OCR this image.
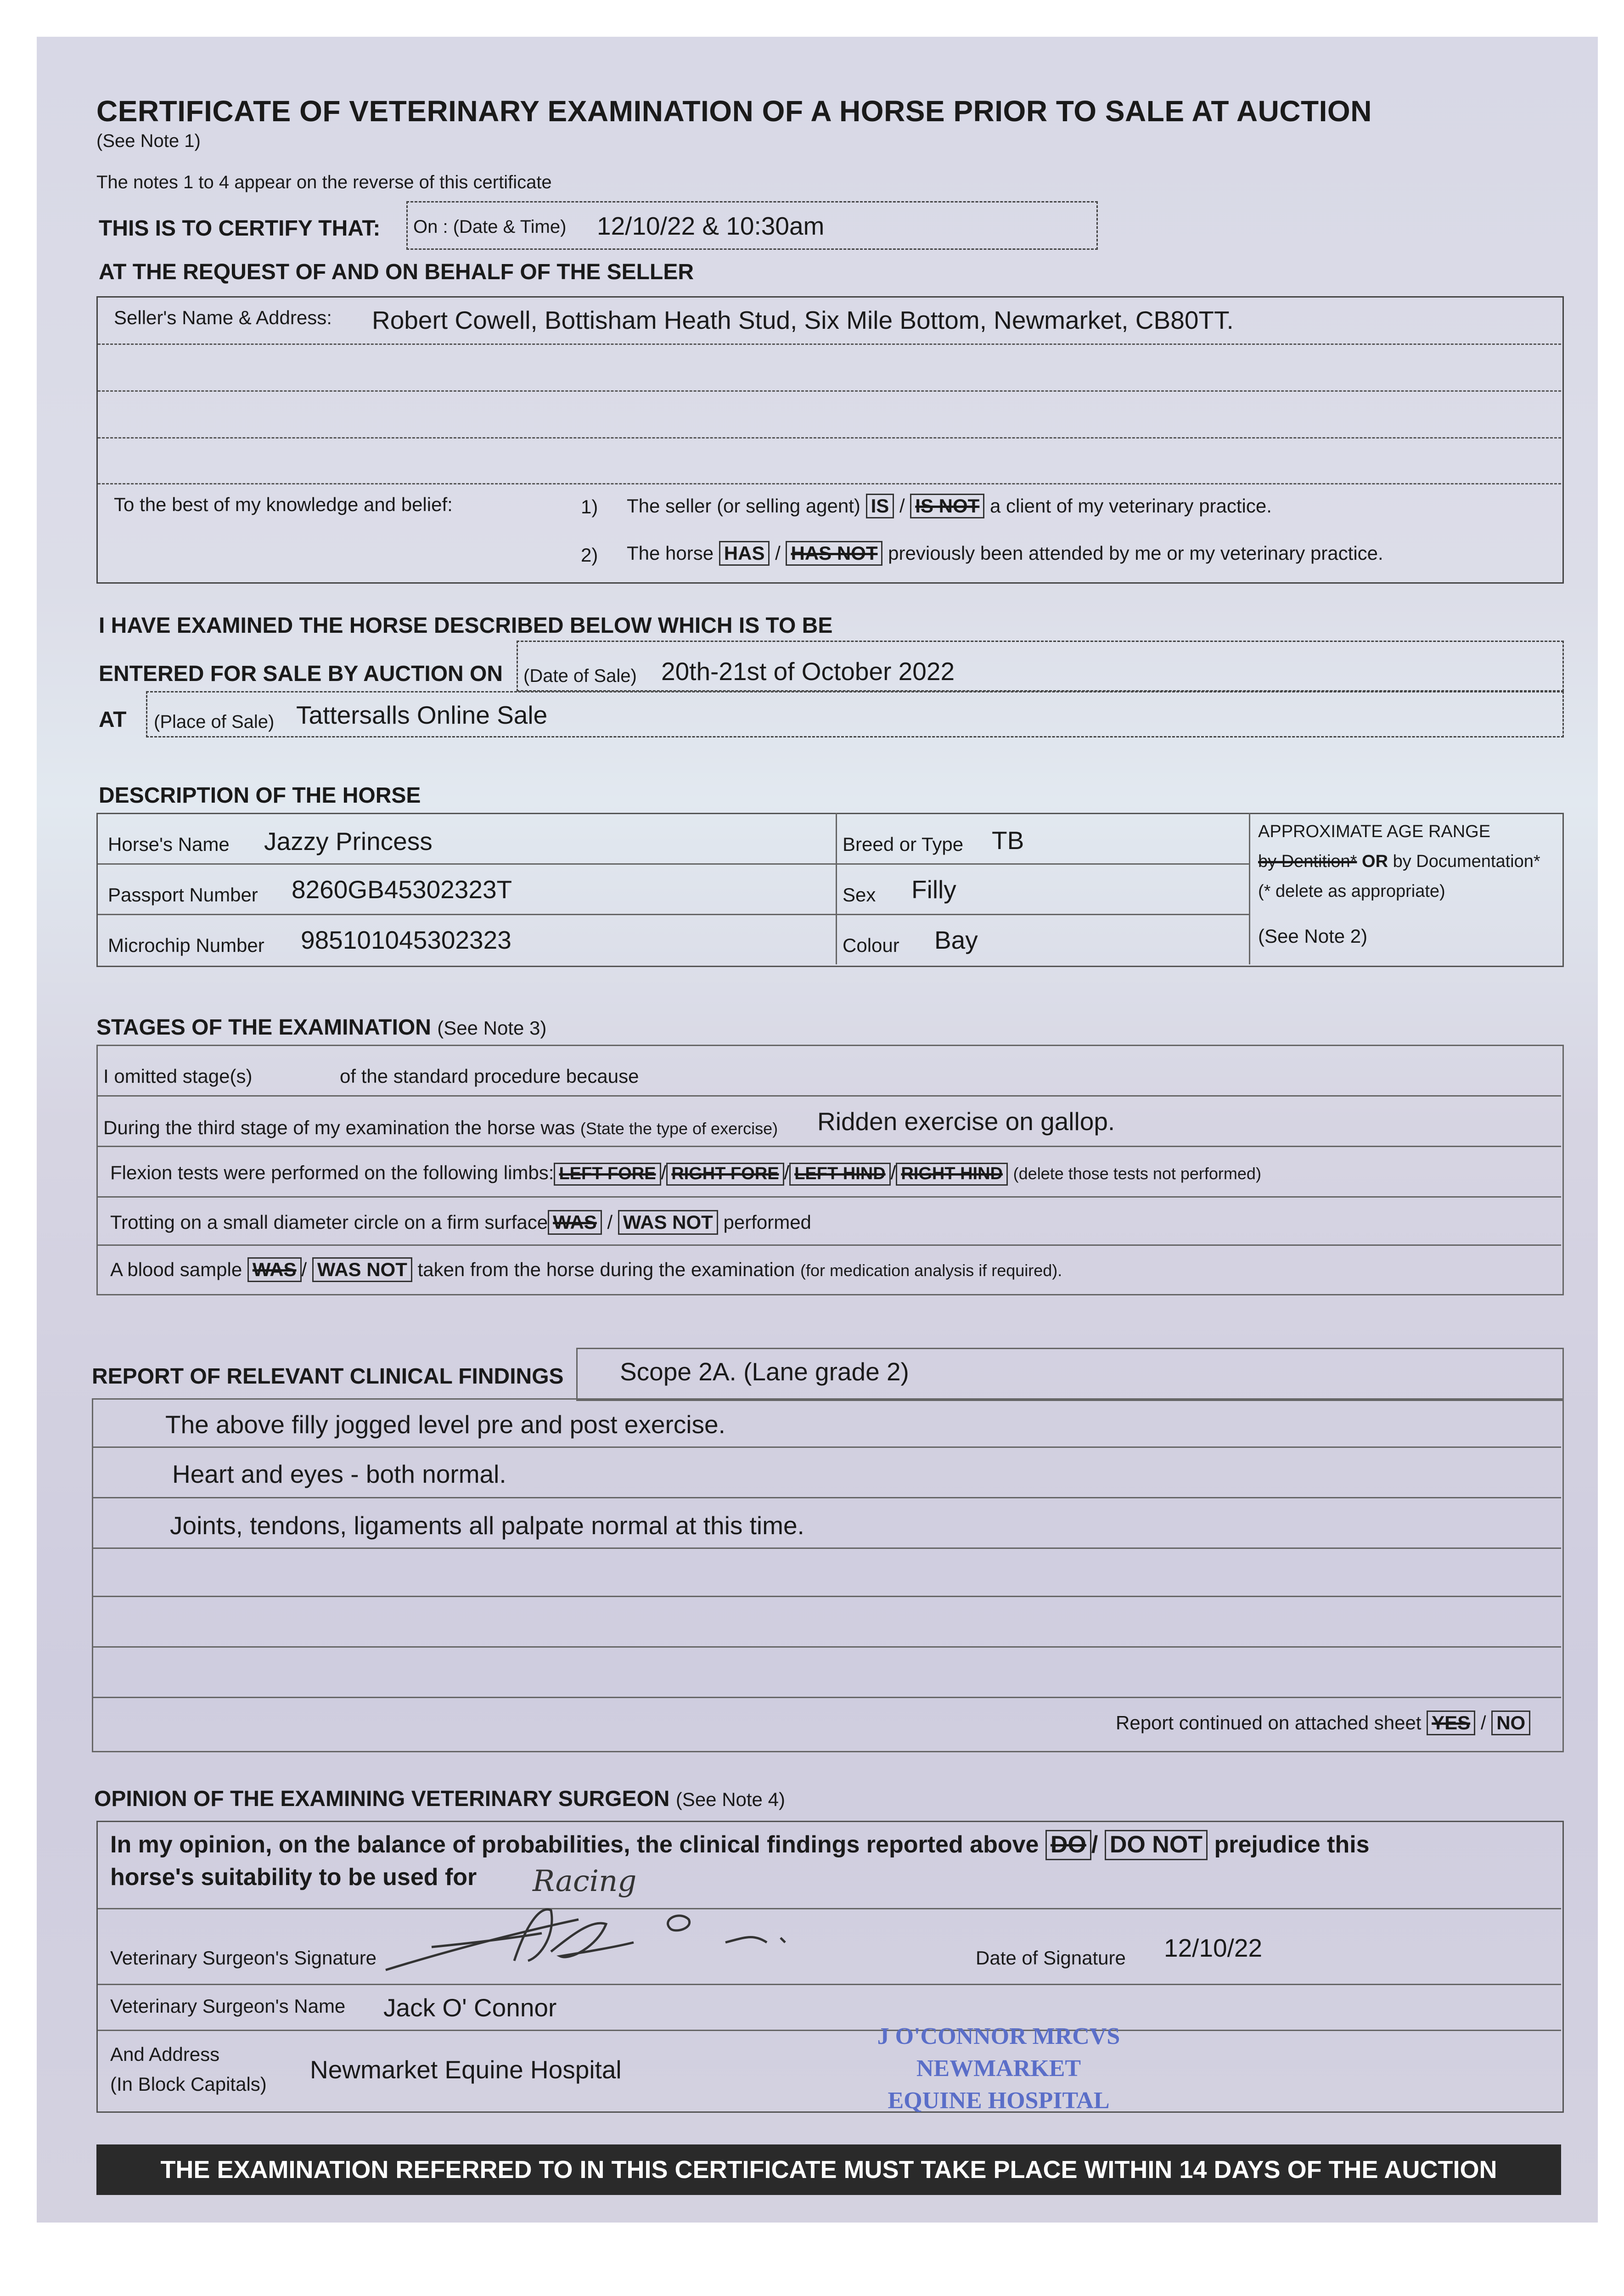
CERTIFICATE OF VETERINARY EXAMINATION OF A HORSE PRIOR TO SALE AT AUCTION
(See Note 1)
The notes 1 to 4 appear on the reverse of this certificate
THIS IS TO CERTIFY THAT: On : (Date & Time) 12/10/22 & 10:30am
AT THE REQUEST OF AND ON BEHALF OF THE SELLER
Seller's Name & Address: Robert Cowell, Bottisham Heath Stud, Six Mile Bottom, Newmarket, CB80TT.
To the best of my knowledge and belief:	1) The seller (or selling agent) IS / IS NOT a client of my veterinary practice.
2) The horse HAS / HAS NOT previously been attended by me or my veterinary practice.
I HAVE EXAMINED THE HORSE DESCRIBED BELOW WHICH IS TO BE
ENTERED FOR SALE BY AUCTION ON (Date of Sale) 20th-21st of October 2022
AT (Place of Sale) Tattersalls Online Sale
DESCRIPTION OF THE HORSE
Horse's Name Jazzy Princess
Passport Number 8260GB45302323T
Microchip Number 985101045302323
Breed or Type TB
Sex Filly
Colour Bay
APPROXIMATE AGE RANGE
by Dentition* OR by Documentation*
(* delete as appropriate)
(See Note 2)
STAGES OF THE EXAMINATION (See Note 3)
I omitted stage(s)	of the standard procedure because
During the third stage of my examination the horse was (State the type of exercise) Ridden exercise on gallop.
Flexion tests were performed on the following limbs: LEFT FORE / RIGHT FORE / LEFT HIND / RIGHT HIND (delete those tests not performed)
Trotting on a small diameter circle on a firm surface WAS / WAS NOT performed
A blood sample WAS / WAS NOT taken from the horse during the examination (for medication analysis if required).
REPORT OF RELEVANT CLINICAL FINDINGS Scope 2A. (Lane grade 2)
The above filly jogged level pre and post exercise.
Heart and eyes - both normal.
Joints, tendons, ligaments all palpate normal at this time.
Report continued on attached sheet YES / NO
OPINION OF THE EXAMINING VETERINARY SURGEON (See Note 4)
In my opinion, on the balance of probabilities, the clinical findings reported above DO / DO NOT prejudice this
horse's suitability to be used for Racing
Veterinary Surgeon's Signature	Date of Signature 12/10/22
Veterinary Surgeon's Name Jack O' Connor
And Address
(In Block Capitals)
Newmarket Equine Hospital
J O'CONNOR MRCVS
NEWMARKET
EQUINE HOSPITAL
THE EXAMINATION REFERRED TO IN THIS CERTIFICATE MUST TAKE PLACE WITHIN 14 DAYS OF THE AUCTION
